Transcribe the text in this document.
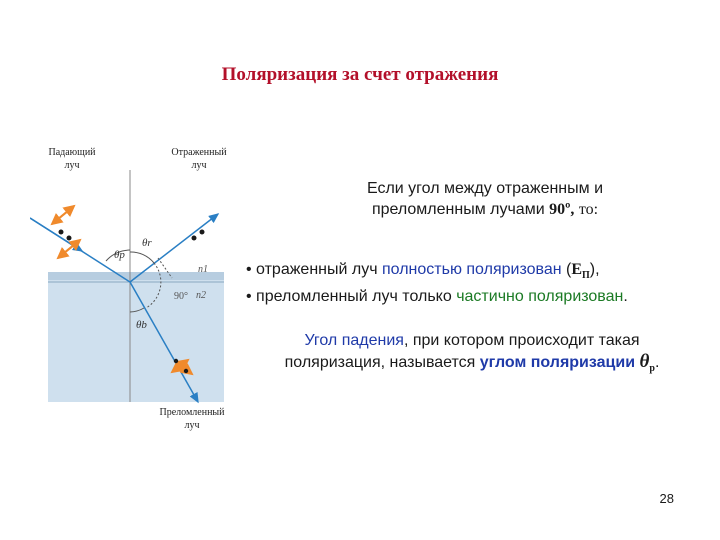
Поляризация за счет отражения
θp
θr
θb
n1
n2
90°
Падающий
луч
Отраженный
луч
Преломленный
луч
Если угол между отраженным и
преломленным лучами 90º, то:
• отраженный луч полностью поляризован $(E_П)$,
• преломленный луч только частично поляризован.
Угол падения, при котором происходит такая
поляризация, называется углом поляризации $\theta_p$.
28
